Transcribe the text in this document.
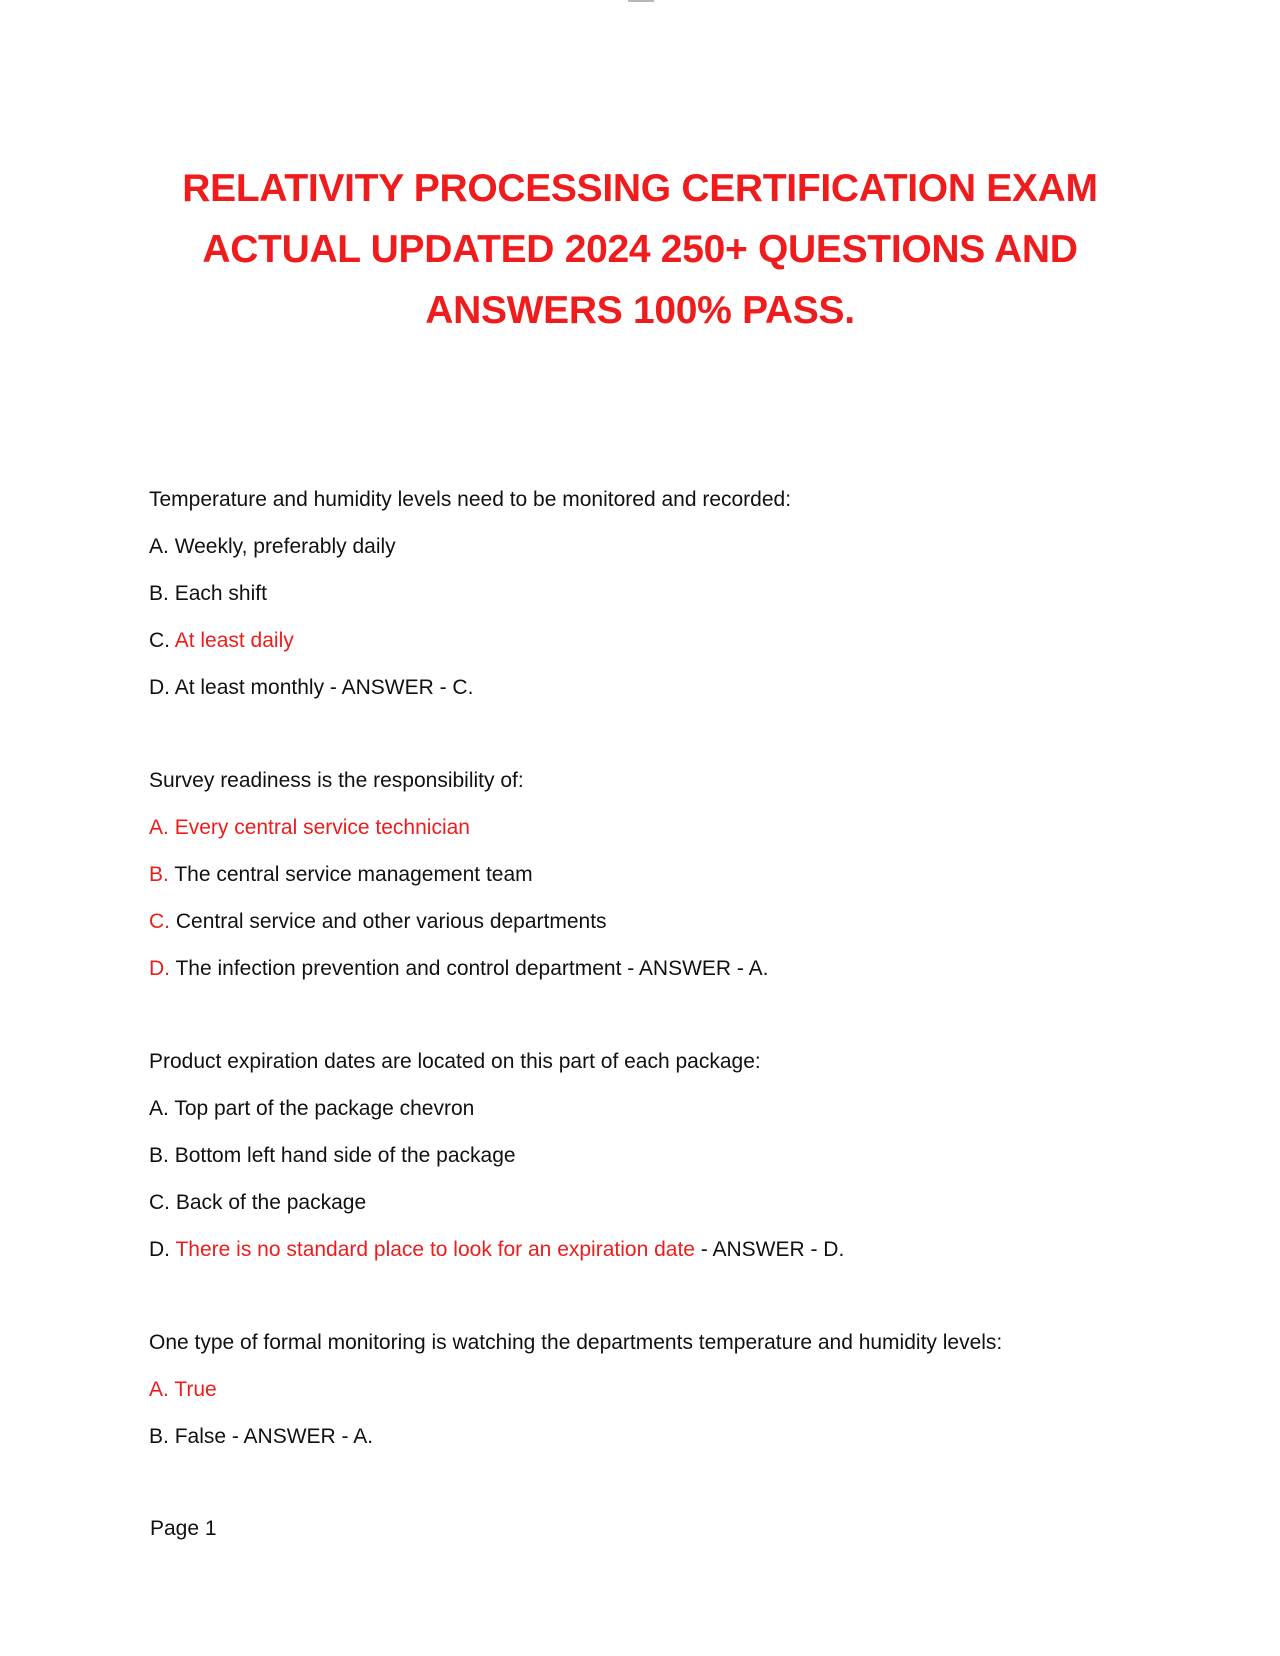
RELATIVITY PROCESSING CERTIFICATION EXAM
ACTUAL UPDATED 2024 250+ QUESTIONS AND
ANSWERS 100% PASS.
Temperature and humidity levels need to be monitored and recorded:
A. Weekly, preferably daily
B. Each shift
C. At least daily
D. At least monthly - ANSWER - C.
Survey readiness is the responsibility of:
A. Every central service technician
B. The central service management team
C. Central service and other various departments
D. The infection prevention and control department - ANSWER - A.
Product expiration dates are located on this part of each package:
A. Top part of the package chevron
B. Bottom left hand side of the package
C. Back of the package
D. There is no standard place to look for an expiration date - ANSWER - D.
One type of formal monitoring is watching the departments temperature and humidity levels:
A. True
B. False - ANSWER - A.
Page 1
